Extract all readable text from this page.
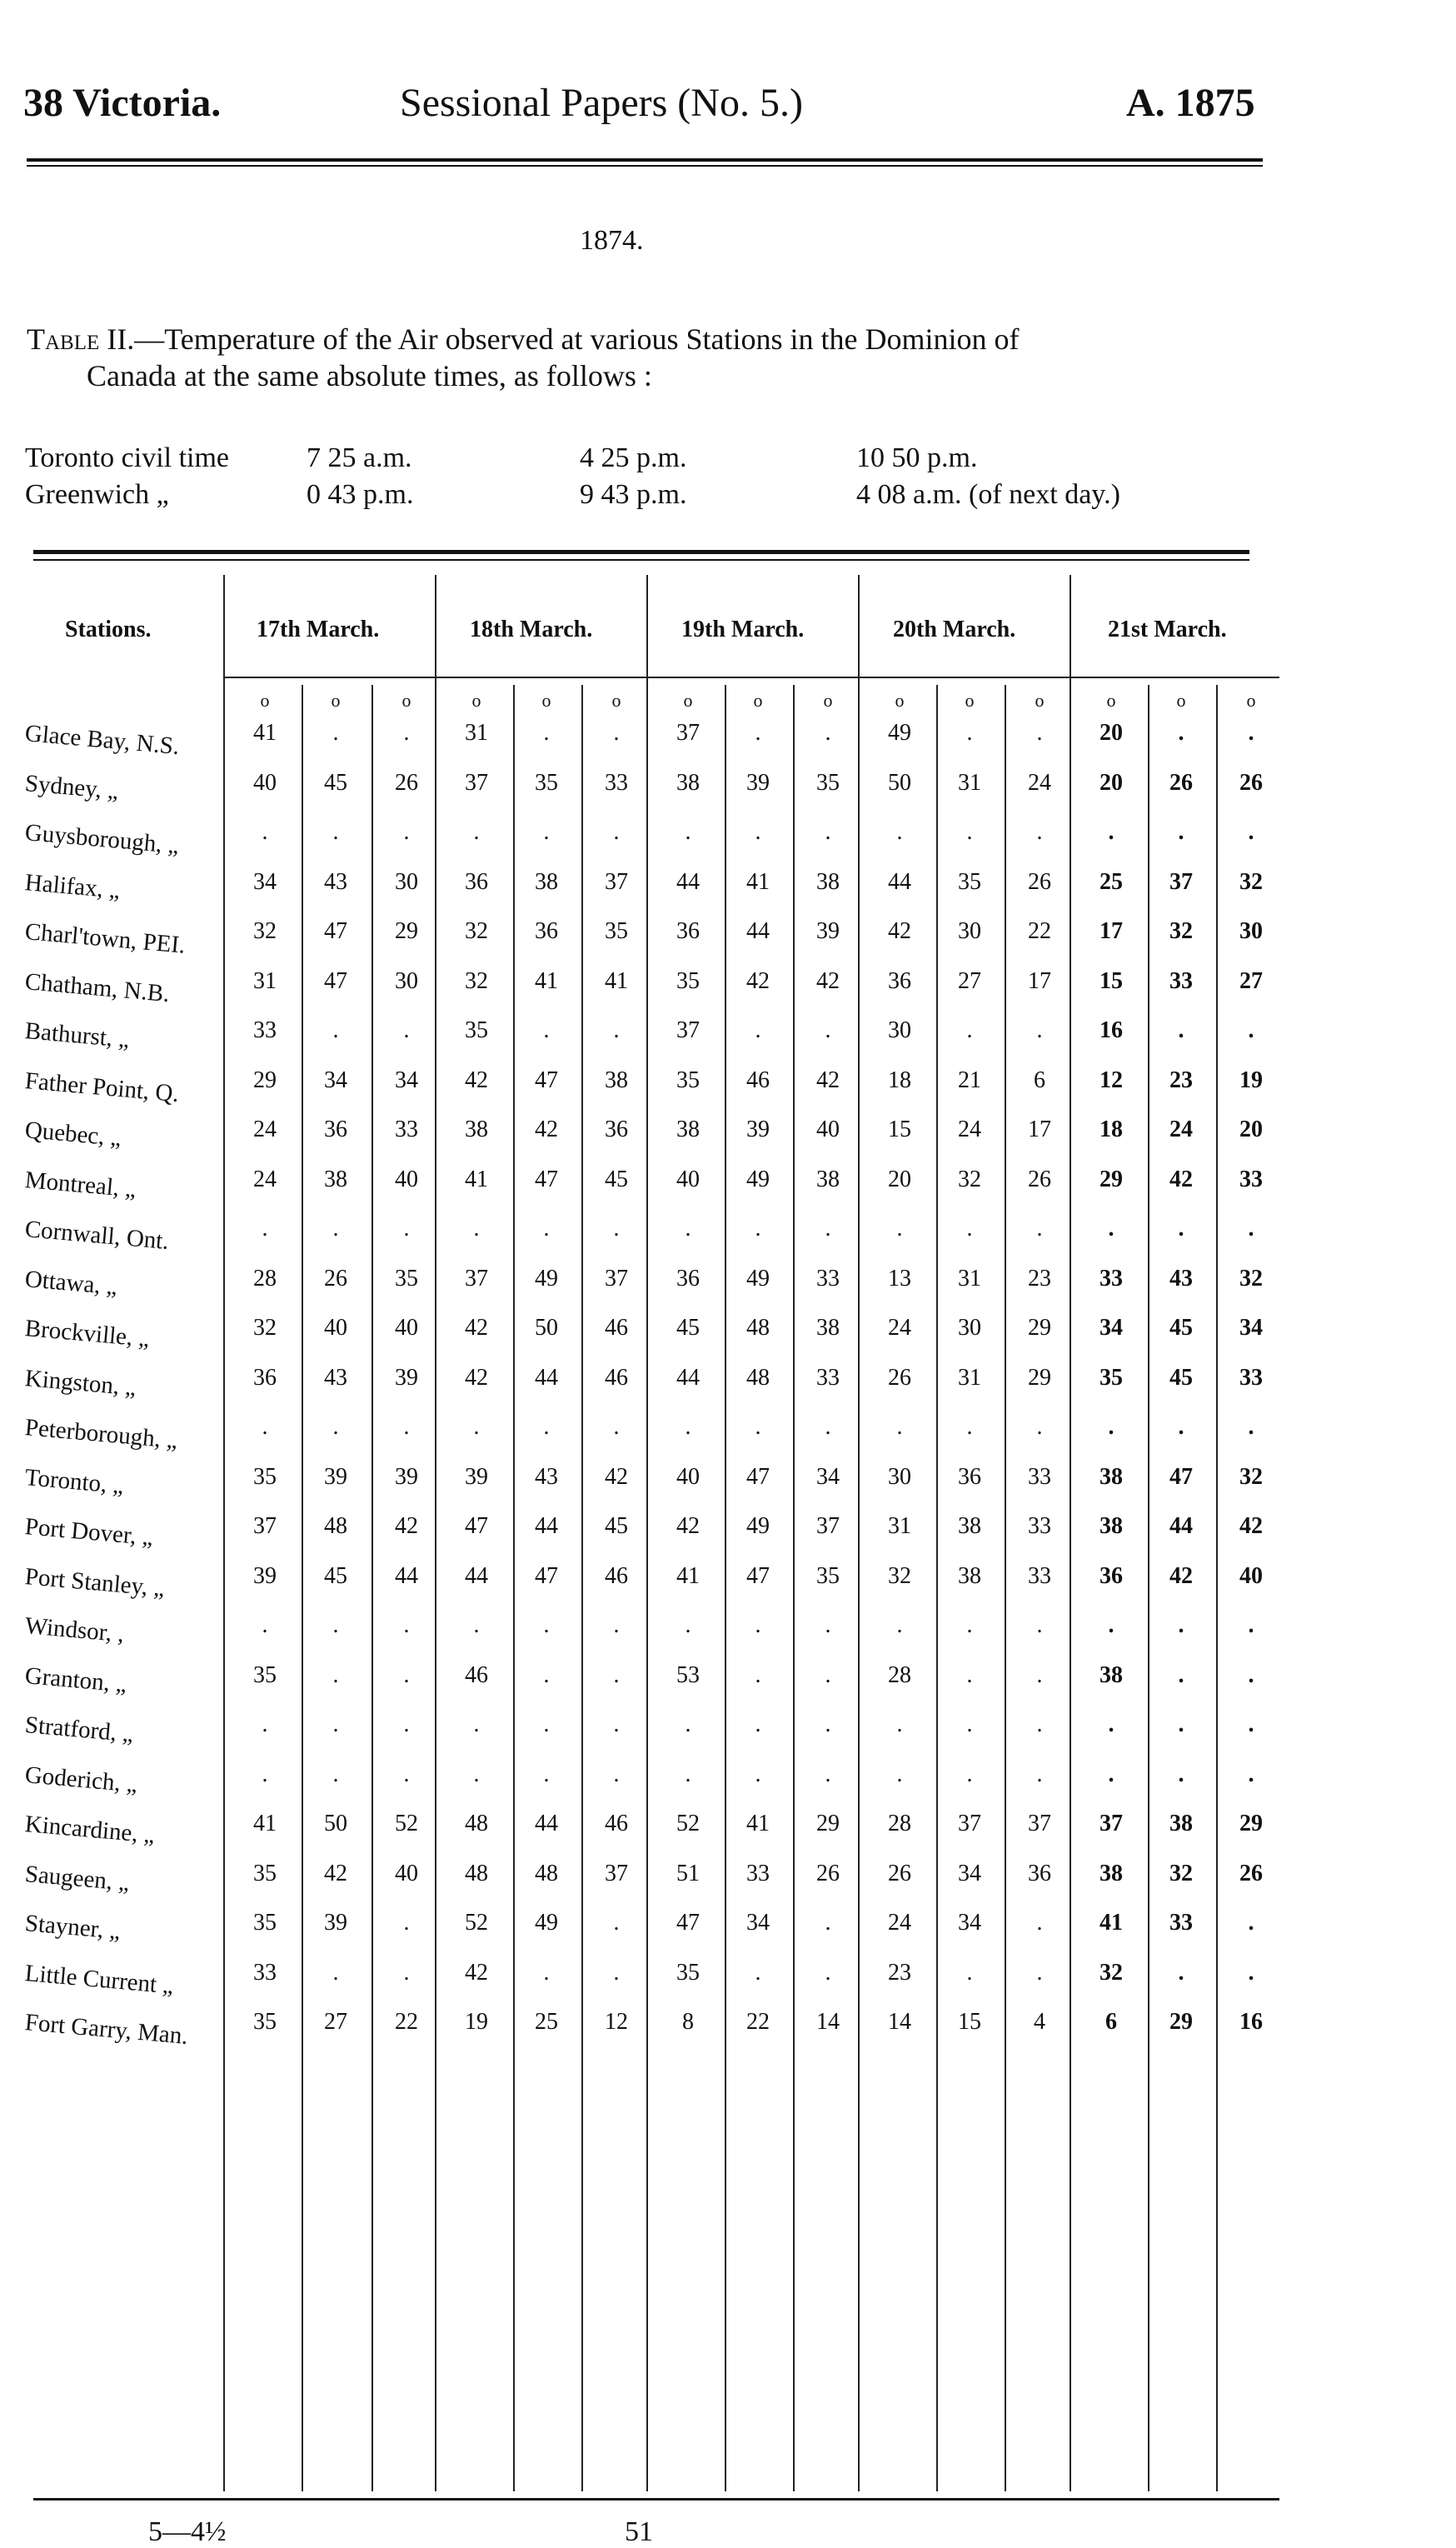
38 Victoria.	Sessional Papers (No. 5.)	A. 1875
1874.
Table II.—Temperature of the Air observed at various Stations in the Dominion of
Canada at the same absolute times, as follows :
Toronto civil time	7 25 a.m.	4 25 p.m.	10 50 p.m.
Greenwich „	0 43 p.m.	9 43 p.m.	4 08 a.m. (of next day.)
Stations.	17th March.	18th March.	19th March.	20th March.	21st March.
o	o	o	o	o	o	o	o	o	o	o	o	o	o	o
Glace Bay, N.S.	41	.	.	31	.	.	37	.	.	49	.	.	20	.	.
Sydney, „	40	45	26	37	35	33	38	39	35	50	31	24	20	26	26
Guysborough, „	.	.	.	.	.	.	.	.	.	.	.	.	.	.	.
Halifax, „	34	43	30	36	38	37	44	41	38	44	35	26	25	37	32
Charl'town, PEI.	32	47	29	32	36	35	36	44	39	42	30	22	17	32	30
Chatham, N.B.	31	47	30	32	41	41	35	42	42	36	27	17	15	33	27
Bathurst, „	33	.	.	35	.	.	37	.	.	30	.	.	16	.	.
Father Point, Q.	29	34	34	42	47	38	35	46	42	18	21	6	12	23	19
Quebec, „	24	36	33	38	42	36	38	39	40	15	24	17	18	24	20
Montreal, „	24	38	40	41	47	45	40	49	38	20	32	26	29	42	33
Cornwall, Ont.	.	.	.	.	.	.	.	.	.	.	.	.	.	.	.
Ottawa, „	28	26	35	37	49	37	36	49	33	13	31	23	33	43	32
Brockville, „	32	40	40	42	50	46	45	48	38	24	30	29	34	45	34
Kingston, „	36	43	39	42	44	46	44	48	33	26	31	29	35	45	33
Peterborough, „	.	.	.	.	.	.	.	.	.	.	.	.	.	.	.
Toronto, „	35	39	39	39	43	42	40	47	34	30	36	33	38	47	32
Port Dover, „	37	48	42	47	44	45	42	49	37	31	38	33	38	44	42
Port Stanley, „	39	45	44	44	47	46	41	47	35	32	38	33	36	42	40
Windsor, ,	.	.	.	.	.	.	.	.	.	.	.	.	.	.	.
Granton, „	35	.	.	46	.	.	53	.	.	28	.	.	38	.	.
Stratford, „	.	.	.	.	.	.	.	.	.	.	.	.	.	.	.
Goderich, „	.	.	.	.	.	.	.	.	.	.	.	.	.	.	.
Kincardine, „	41	50	52	48	44	46	52	41	29	28	37	37	37	38	29
Saugeen, „	35	42	40	48	48	37	51	33	26	26	34	36	38	32	26
Stayner, „	35	39	.	52	49	.	47	34	.	24	34	.	41	33	.
Little Current „	33	.	.	42	.	.	35	.	.	23	.	.	32	.	.
Fort Garry, Man.	35	27	22	19	25	12	8	22	14	14	15	4	6	29	16
5—4½	51
